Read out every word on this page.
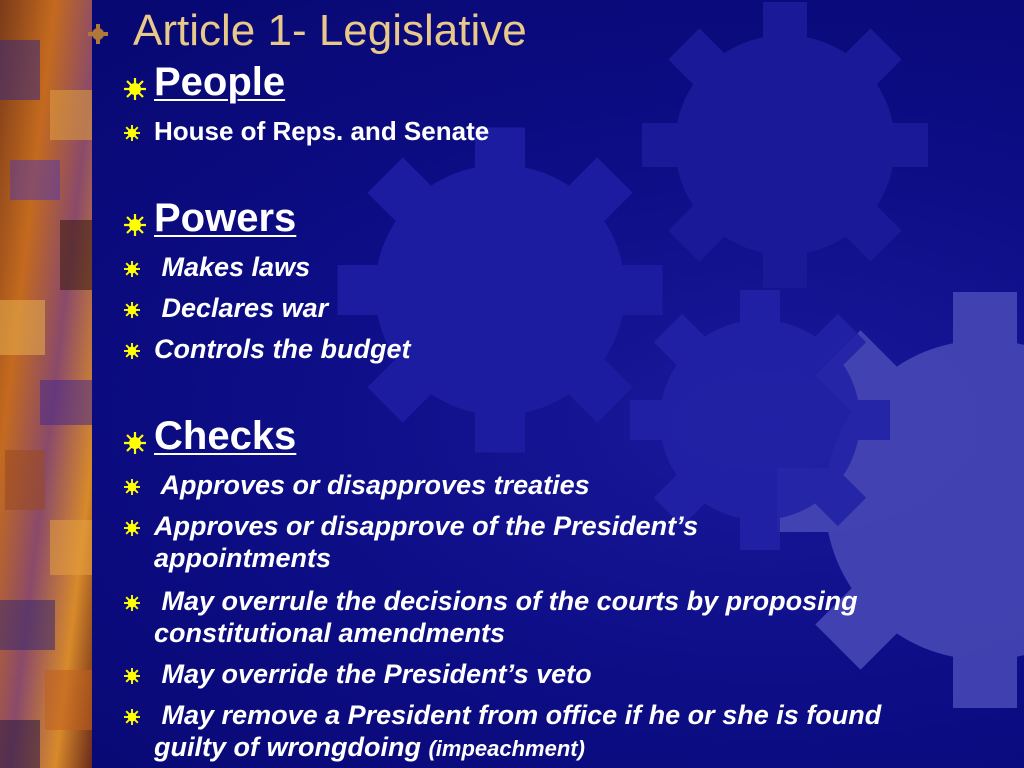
Article 1- Legislative
People
House of Reps. and Senate
Powers
Makes laws
Declares war
Controls the budget
Checks
Approves or disapproves treaties
Approves or disapprove of the President’s appointments
May overrule the decisions of the courts by proposing constitutional amendments
May override the President’s veto
May remove a President from office if he or she is found guilty of wrongdoing (impeachment)
